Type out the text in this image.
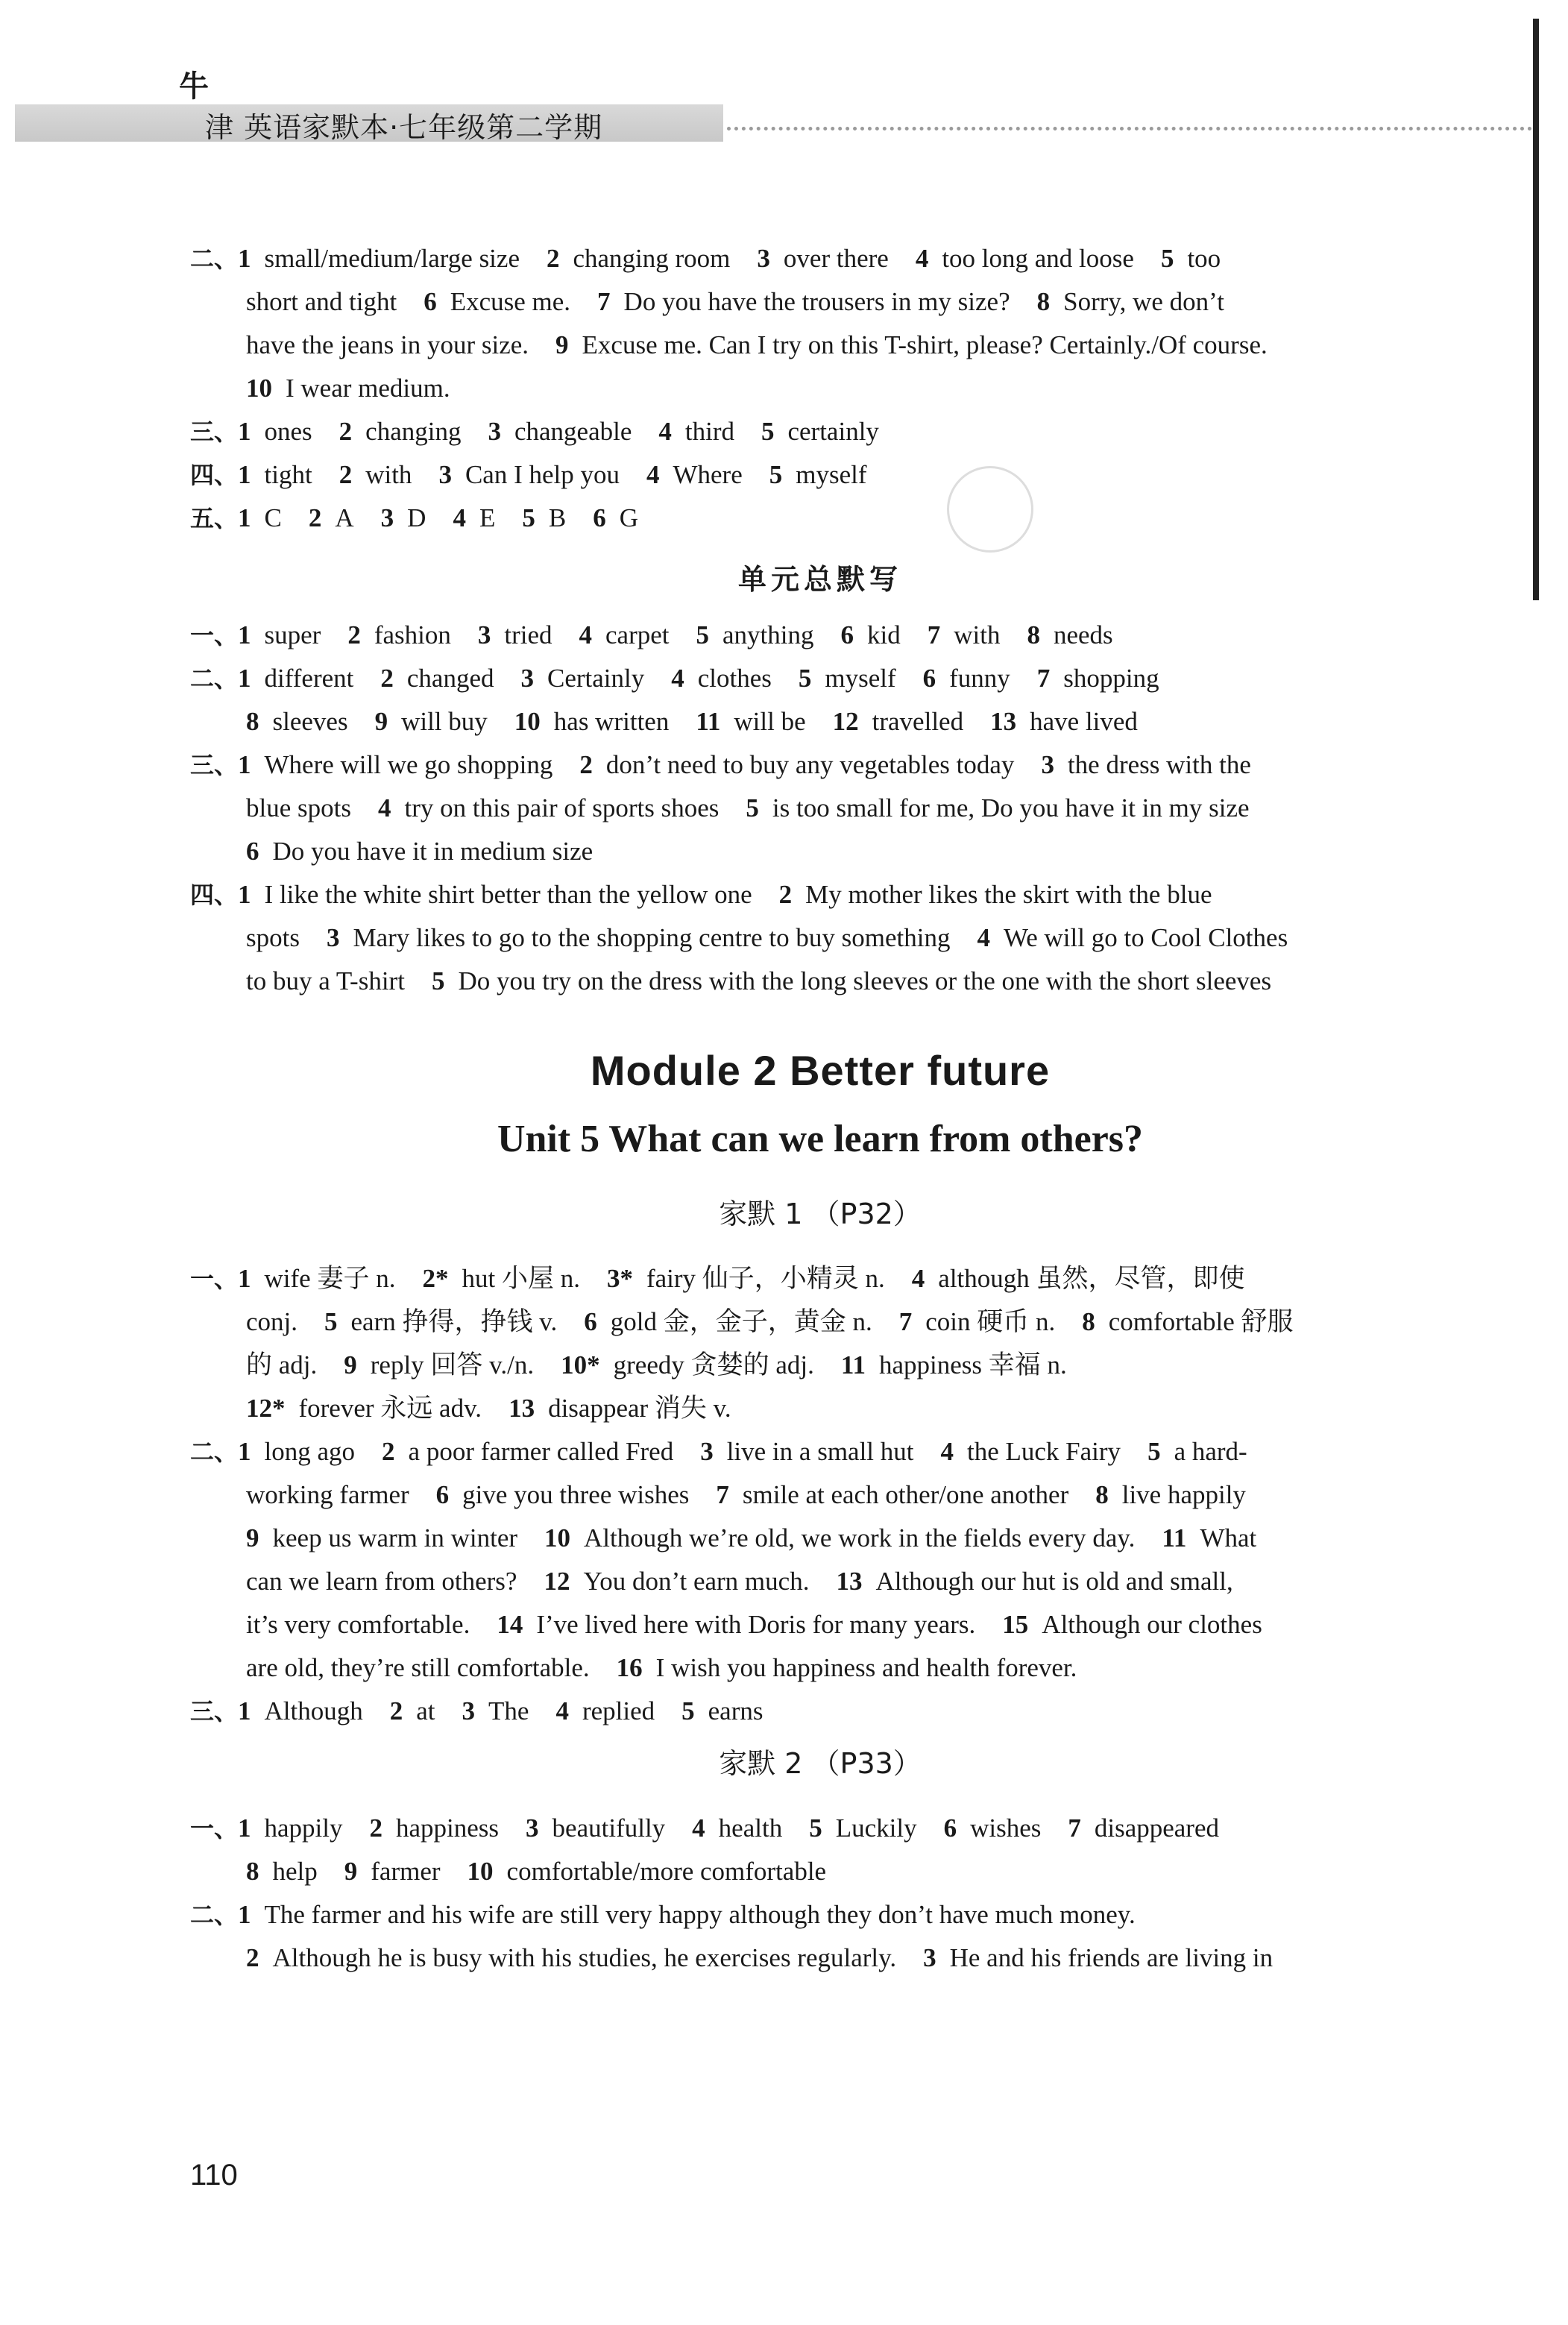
牛
津 英语家默本·七年级第二学期
二、1 small/medium/large size 2 changing room 3 over there 4 too long and loose 5 too
short and tight 6 Excuse me. 7 Do you have the trousers in my size? 8 Sorry, we don’t
have the jeans in your size. 9 Excuse me. Can I try on this T-shirt, please? Certainly./Of course.
10 I wear medium.
三、1 ones 2 changing 3 changeable 4 third 5 certainly
四、1 tight 2 with 3 Can I help you 4 Where 5 myself
五、1 C 2 A 3 D 4 E 5 B 6 G
单元总默写
一、1 super 2 fashion 3 tried 4 carpet 5 anything 6 kid 7 with 8 needs
二、1 different 2 changed 3 Certainly 4 clothes 5 myself 6 funny 7 shopping
8 sleeves 9 will buy 10 has written 11 will be 12 travelled 13 have lived
三、1 Where will we go shopping 2 don’t need to buy any vegetables today 3 the dress with the
blue spots 4 try on this pair of sports shoes 5 is too small for me, Do you have it in my size
6 Do you have it in medium size
四、1 I like the white shirt better than the yellow one 2 My mother likes the skirt with the blue
spots 3 Mary likes to go to the shopping centre to buy something 4 We will go to Cool Clothes
to buy a T-shirt 5 Do you try on the dress with the long sleeves or the one with the short sleeves
Module 2 Better future
Unit 5 What can we learn from others?
家默 1 （P32）
一、1 wife 妻子 n. 2* hut 小屋 n. 3* fairy 仙子，小精灵 n. 4 although 虽然，尽管，即使
conj. 5 earn 挣得，挣钱 v. 6 gold 金，金子，黄金 n. 7 coin 硬币 n. 8 comfortable 舒服
的 adj. 9 reply 回答 v./n. 10* greedy 贪婪的 adj. 11 happiness 幸福 n.
12* forever 永远 adv. 13 disappear 消失 v.
二、1 long ago 2 a poor farmer called Fred 3 live in a small hut 4 the Luck Fairy 5 a hard-
working farmer 6 give you three wishes 7 smile at each other/one another 8 live happily
9 keep us warm in winter 10 Although we’re old, we work in the fields every day. 11 What
can we learn from others? 12 You don’t earn much. 13 Although our hut is old and small,
it’s very comfortable. 14 I’ve lived here with Doris for many years. 15 Although our clothes
are old, they’re still comfortable. 16 I wish you happiness and health forever.
三、1 Although 2 at 3 The 4 replied 5 earns
家默 2 （P33）
一、1 happily 2 happiness 3 beautifully 4 health 5 Luckily 6 wishes 7 disappeared
8 help 9 farmer 10 comfortable/more comfortable
二、1 The farmer and his wife are still very happy although they don’t have much money.
2 Although he is busy with his studies, he exercises regularly. 3 He and his friends are living in
110
